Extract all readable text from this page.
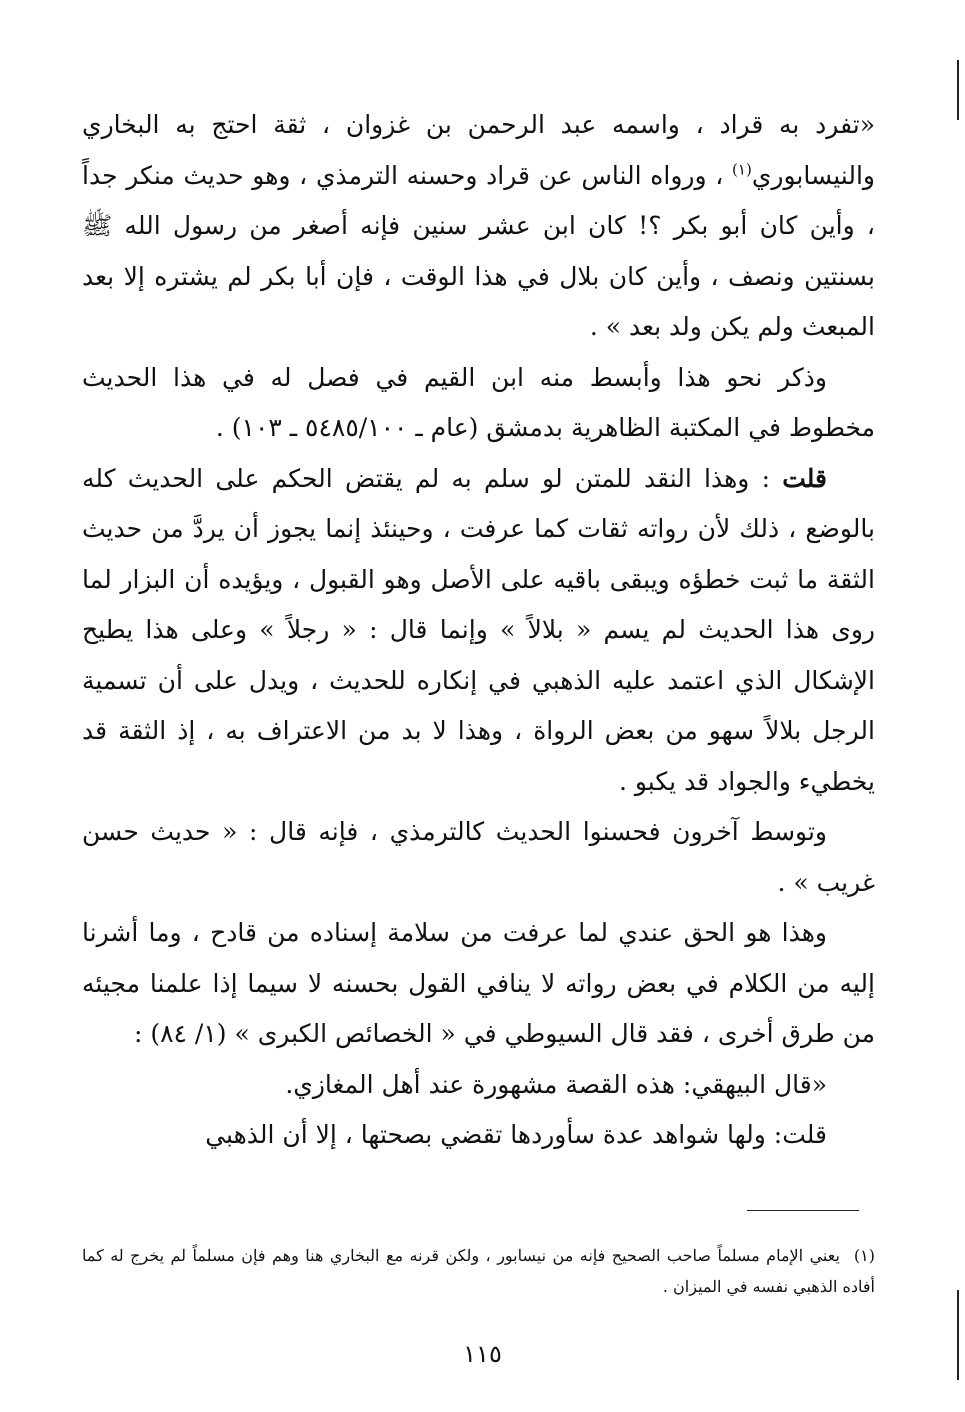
«تفرد به قراد ، واسمه عبد الرحمن بن غزوان ، ثقة احتج به البخاري والنيسابوري$^{(١)}$ ، ورواه الناس عن قراد وحسنه الترمذي ، وهو حديث منكر جداً ، وأين كان أبو بكر ؟! كان ابن عشر سنين فإنه أصغر من رسول الله ﷺ بسنتين ونصف ، وأين كان بلال في هذا الوقت ، فإن أبا بكر لم يشتره إلا بعد المبعث ولم يكن ولد بعد » .

وذكر نحو هذا وأبسط منه ابن القيم في فصل له في هذا الحديث مخطوط في المكتبة الظاهرية بدمشق (عام ـ ٥٤٨٥/١٠٠ ـ ١٠٣) .

قلت : وهذا النقد للمتن لو سلم به لم يقتض الحكم على الحديث كله بالوضع ، ذلك لأن رواته ثقات كما عرفت ، وحينئذ إنما يجوز أن يردَّ من حديث الثقة ما ثبت خطؤه ويبقى باقيه على الأصل وهو القبول ، ويؤيده أن البزار لما روى هذا الحديث لم يسم « بلالاً » وإنما قال : « رجلاً » وعلى هذا يطيح الإشكال الذي اعتمد عليه الذهبي في إنكاره للحديث ، ويدل على أن تسمية الرجل بلالاً سهو من بعض الرواة ، وهذا لا بد من الاعتراف به ، إذ الثقة قد يخطيء والجواد قد يكبو .

وتوسط آخرون فحسنوا الحديث كالترمذي ، فإنه قال : « حديث حسن غريب » .

وهذا هو الحق عندي لما عرفت من سلامة إسناده من قادح ، وما أشرنا إليه من الكلام في بعض رواته لا ينافي القول بحسنه لا سيما إذا علمنا مجيئه من طرق أخرى ، فقد قال السيوطي في « الخصائص الكبرى » (١/ ٨٤) :

«قال البيهقي: هذه القصة مشهورة عند أهل المغازي.

قلت: ولها شواهد عدة سأوردها تقضي بصحتها ، إلا أن الذهبي

(١)يعني الإمام مسلماً صاحب الصحيح فإنه من نيسابور ، ولكن قرنه مع البخاري هنا وهم فإن مسلماً لم يخرج له كما أفاده الذهبي نفسه في الميزان .

١١٥
